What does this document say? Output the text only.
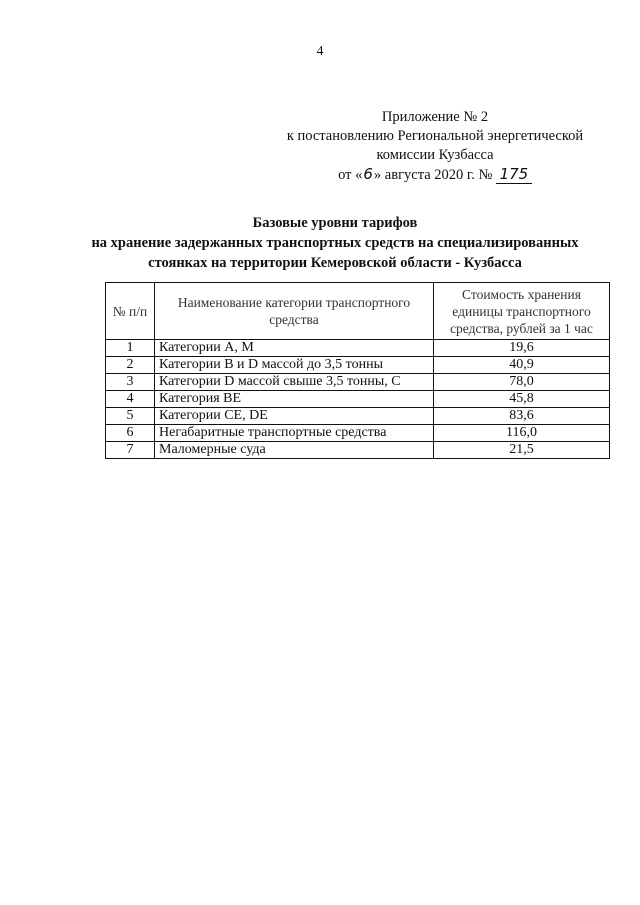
4
Приложение № 2
к постановлению Региональной энергетической
комиссии Кузбасса
от «6» августа 2020 г. № 175
Базовые уровни тарифов
на хранение задержанных транспортных средств на специализированных
стоянках на территории Кемеровской области - Кузбасса
№ п/п	Наименование категории транспортного средства	Стоимость хранения единицы транспортного средства, рублей за 1 час
1	Категории А, М	19,6
2	Категории В и D массой до 3,5 тонны	40,9
3	Категории D массой свыше 3,5 тонны, С	78,0
4	Категория ВЕ	45,8
5	Категории СЕ, DE	83,6
6	Негабаритные транспортные средства	116,0
7	Маломерные суда	21,5
